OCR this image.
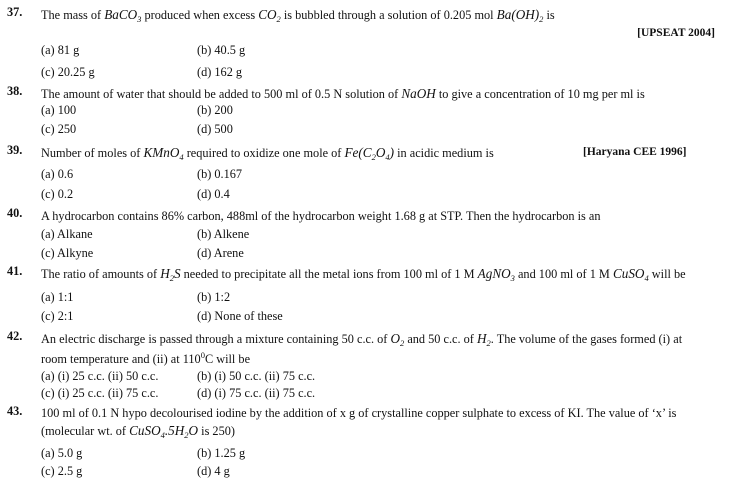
37. The mass of BaCO$_3$ produced when excess $CO_2$ is bubbled through a solution of 0.205 mol $Ba(OH)_2$ is
[UPSEAT 2004]
(a) 81 g	(b) 40.5 g
(c) 20.25 g	(d) 162 g
38. The amount of water that should be added to 500 ml of 0.5 N solution of NaOH to give a concentration of 10 mg per ml is
(a) 100	(b) 200
(c) 250	(d) 500
39. Number of moles of KMnO$_4$ required to oxidize one mole of $Fe(C_2O_4)$ in acidic medium is	[Haryana CEE 1996]
(a) 0.6	(b) 0.167
(c) 0.2	(d) 0.4
40. A hydrocarbon contains 86% carbon, 488ml of the hydrocarbon weight 1.68 g at STP. Then the hydrocarbon is an
(a) Alkane	(b) Alkene
(c) Alkyne	(d) Arene
41. The ratio of amounts of $H_2S$ needed to precipitate all the metal ions from 100 ml of 1 M AgNO$_3$ and 100 ml of 1 M CuSO$_4$ will be
(a) 1:1	(b) 1:2
(c) 2:1	(d) None of these
42. An electric discharge is passed through a mixture containing 50 c.c. of $O_2$ and 50 c.c. of $H_2$. The volume of the gases formed (i) at
room temperature and (ii) at $110^0C$ will be
(a) (i) 25 c.c. (ii) 50 c.c.	(b) (i) 50 c.c. (ii) 75 c.c.
(c) (i) 25 c.c. (ii) 75 c.c.	(d) (i) 75 c.c. (ii) 75 c.c.
43. 100 ml of 0.1 N hypo decolourised iodine by the addition of x g of crystalline copper sulphate to excess of KI. The value of ‘x’ is
(molecular wt. of $CuSO_4.5H_2O$ is 250)
(a) 5.0 g	(b) 1.25 g
(c) 2.5 g	(d) 4 g
